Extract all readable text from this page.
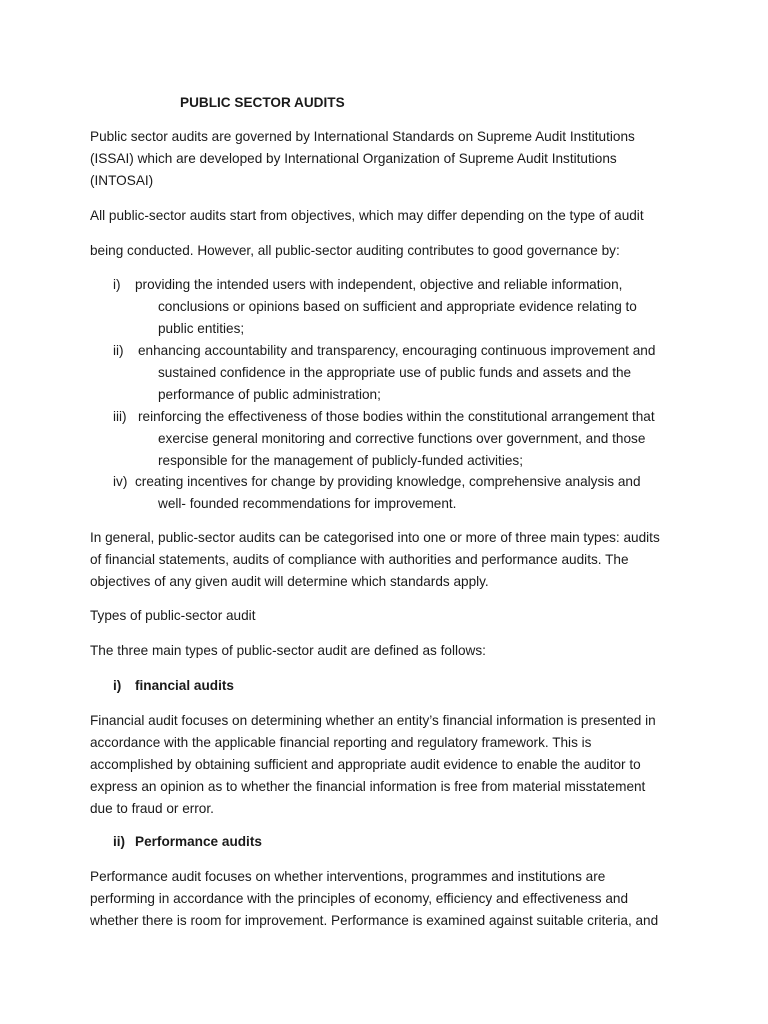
PUBLIC SECTOR AUDITS
Public sector audits are governed by International Standards on Supreme Audit Institutions
(ISSAI) which are developed by International Organization of Supreme Audit Institutions
(INTOSAI)
All public-sector audits start from objectives, which may differ depending on the type of audit
being conducted. However, all public-sector auditing contributes to good governance by:
i) providing the intended users with independent, objective and reliable information,
conclusions or opinions based on sufficient and appropriate evidence relating to
public entities;
ii) enhancing accountability and transparency, encouraging continuous improvement and
sustained confidence in the appropriate use of public funds and assets and the
performance of public administration;
iii) reinforcing the effectiveness of those bodies within the constitutional arrangement that
exercise general monitoring and corrective functions over government, and those
responsible for the management of publicly-funded activities;
iv) creating incentives for change by providing knowledge, comprehensive analysis and
well- founded recommendations for improvement.
In general, public-sector audits can be categorised into one or more of three main types: audits
of financial statements, audits of compliance with authorities and performance audits. The
objectives of any given audit will determine which standards apply.
Types of public-sector audit
The three main types of public-sector audit are defined as follows:
i) financial audits
Financial audit focuses on determining whether an entity’s financial information is presented in
accordance with the applicable financial reporting and regulatory framework. This is
accomplished by obtaining sufficient and appropriate audit evidence to enable the auditor to
express an opinion as to whether the financial information is free from material misstatement
due to fraud or error.
ii) Performance audits
Performance audit focuses on whether interventions, programmes and institutions are
performing in accordance with the principles of economy, efficiency and effectiveness and
whether there is room for improvement. Performance is examined against suitable criteria, and
